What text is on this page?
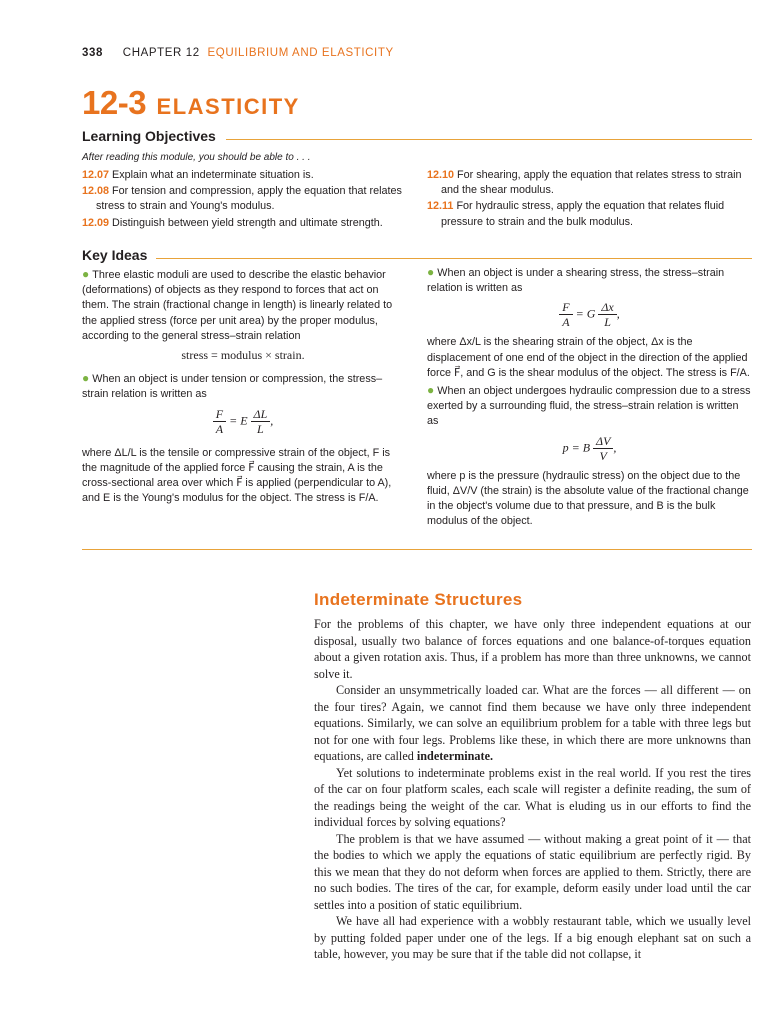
338 CHAPTER 12 EQUILIBRIUM AND ELASTICITY
12-3 ELASTICITY
Learning Objectives
After reading this module, you should be able to . . .

12.07 Explain what an indeterminate situation is.

12.08 For tension and compression, apply the equation that relates stress to strain and Young's modulus.

12.09 Distinguish between yield strength and ultimate strength.

12.10 For shearing, apply the equation that relates stress to strain and the shear modulus.

12.11 For hydraulic stress, apply the equation that relates fluid pressure to strain and the bulk modulus.

Key Ideas

● Three elastic moduli are used to describe the elastic behavior (deformations) of objects as they respond to forces that act on them. The strain (fractional change in length) is linearly related to the applied stress (force per unit area) by the proper modulus, according to the general stress–strain relation

stress = modulus × strain.

● When an object is under tension or compression, the stress–strain relation is written as

$\frac{F}{A} = E \frac{\Delta L}{L}$ ,

where ΔL/L is the tensile or compressive strain of the object, F is the magnitude of the applied force F⃗ causing the strain, A is the cross-sectional area over which F⃗ is applied (perpendicular to A), and E is the Young's modulus for the object. The stress is F/A.

● When an object is under a shearing stress, the stress–strain relation is written as

$\frac{F}{A} = G \frac{\Delta x}{L}$ ,

where Δx/L is the shearing strain of the object, Δx is the displacement of one end of the object in the direction of the applied force F⃗, and G is the shear modulus of the object. The stress is F/A.

● When an object undergoes hydraulic compression due to a stress exerted by a surrounding fluid, the stress–strain relation is written as

p = B $\frac{\Delta V}{V}$ ,

where p is the pressure (hydraulic stress) on the object due to the fluid, ΔV/V (the strain) is the absolute value of the fractional change in the object's volume due to that pressure, and B is the bulk modulus of the object.

Indeterminate Structures

For the problems of this chapter, we have only three independent equations at our disposal, usually two balance of forces equations and one balance-of-torques equation about a given rotation axis. Thus, if a problem has more than three unknowns, we cannot solve it.

Consider an unsymmetrically loaded car. What are the forces — all different — on the four tires? Again, we cannot find them because we have only three independent equations. Similarly, we can solve an equilibrium problem for a table with three legs but not for one with four legs. Problems like these, in which there are more unknowns than equations, are called indeterminate.

Yet solutions to indeterminate problems exist in the real world. If you rest the tires of the car on four platform scales, each scale will register a definite reading, the sum of the readings being the weight of the car. What is eluding us in our efforts to find the individual forces by solving equations?

The problem is that we have assumed — without making a great point of it — that the bodies to which we apply the equations of static equilibrium are perfectly rigid. By this we mean that they do not deform when forces are applied to them. Strictly, there are no such bodies. The tires of the car, for example, deform easily under load until the car settles into a position of static equilibrium.

We have all had experience with a wobbly restaurant table, which we usually level by putting folded paper under one of the legs. If a big enough elephant sat on such a table, however, you may be sure that if the table did not collapse, it
